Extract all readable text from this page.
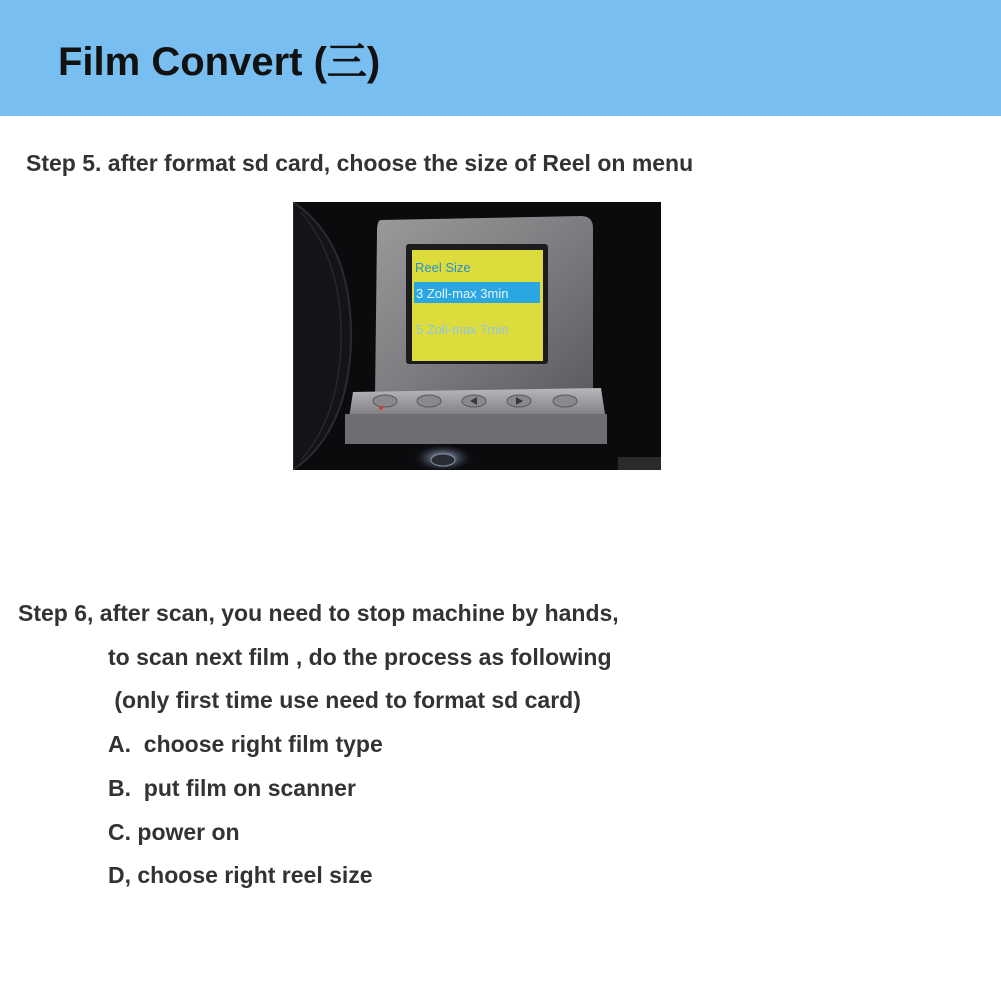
Film Convert (三)
Step 5. after format sd card, choose the size of Reel on menu
Reel Size
3 Zoll-max 3min
5 Zoll-max 7min
Step 6, after scan, you need to stop machine by hands,
to scan next film , do the process as following
(only first time use need to format sd card)
A.  choose right film type
B.  put film on scanner
C. power on
D, choose right reel size
